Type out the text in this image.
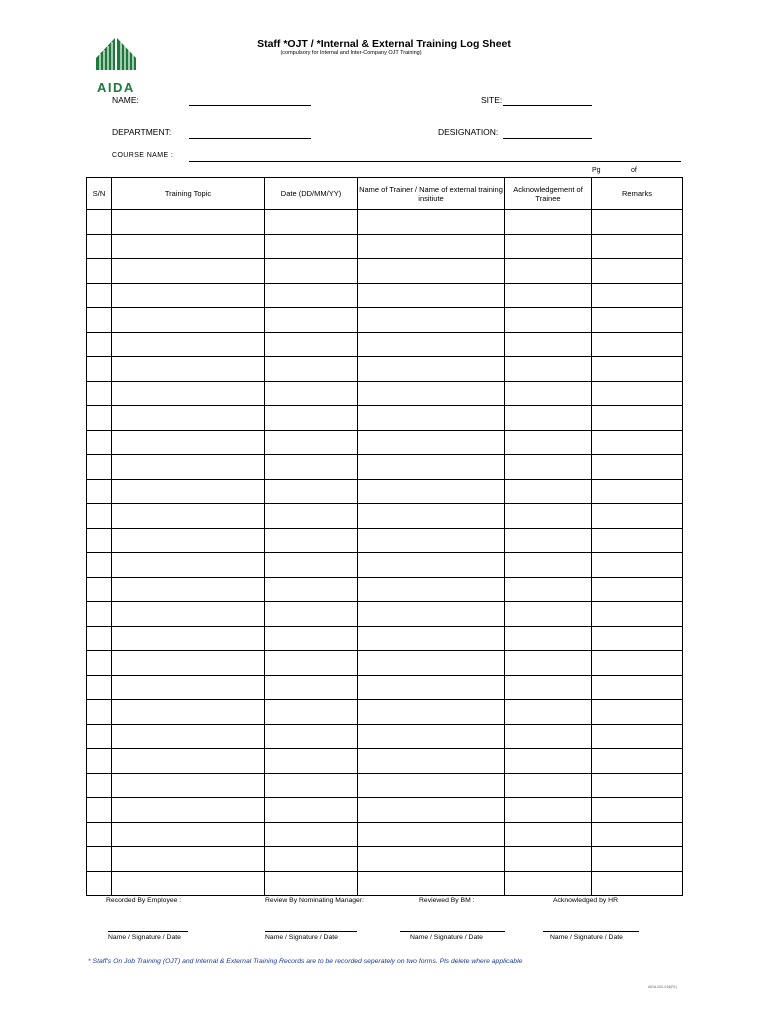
AIDA
Staff *OJT / *Internal & External Training Log Sheet
(compulsory for Internal and Inter-Company OJT Training)
NAME:	SITE:
DEPARTMENT:	DESIGNATION:
COURSE NAME :
Pg	of
S/N	Training Topic	Date (DD/MM/YY)	Name of Trainer / Name of external training insitiute	Acknowledgement of Trainee	Remarks

Recorded By Employee :	Review By Nominating Manager:	Reviewed By BM :	Acknowledged by HR
Name / Signature / Date	Name / Signature / Date	Name / Signature / Date	Name / Signature / Date
* Staff's On Job Training (OJT) and Internal & External Training Records are to be recorded seperately on two forms. Pls delete where applicable
AIDA-020-016(R1)
